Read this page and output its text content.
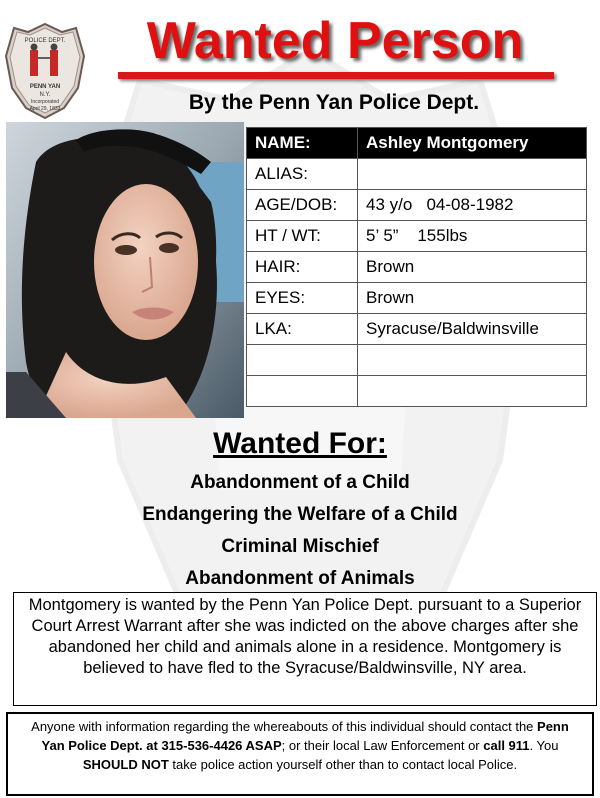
POLICE DEPT.
PENN YAN
N.Y.
Incorporated
April 29, 1833
Wanted Person
By the Penn Yan Police Dept.
NAME:	Ashley Montgomery
ALIAS:	
AGE/DOB:	43 y/o   04-08-1982
HT / WT:	5’ 5”    155lbs
HAIR:	Brown
EYES:	Brown
LKA:	Syracuse/Baldwinsville

Wanted For:
Abandonment of a Child
Endangering the Welfare of a Child
Criminal Mischief
Abandonment of Animals
Montgomery is wanted by the Penn Yan Police Dept. pursuant to a Superior Court Arrest Warrant after she was indicted on the above charges after she abandoned her child and animals alone in a residence. Montgomery is believed to have fled to the Syracuse/Baldwinsville, NY area.
Anyone with information regarding the whereabouts of this individual should contact the Penn Yan Police Dept. at 315-536-4426 ASAP; or their local Law Enforcement or call 911. You SHOULD NOT take police action yourself other than to contact local Police.
